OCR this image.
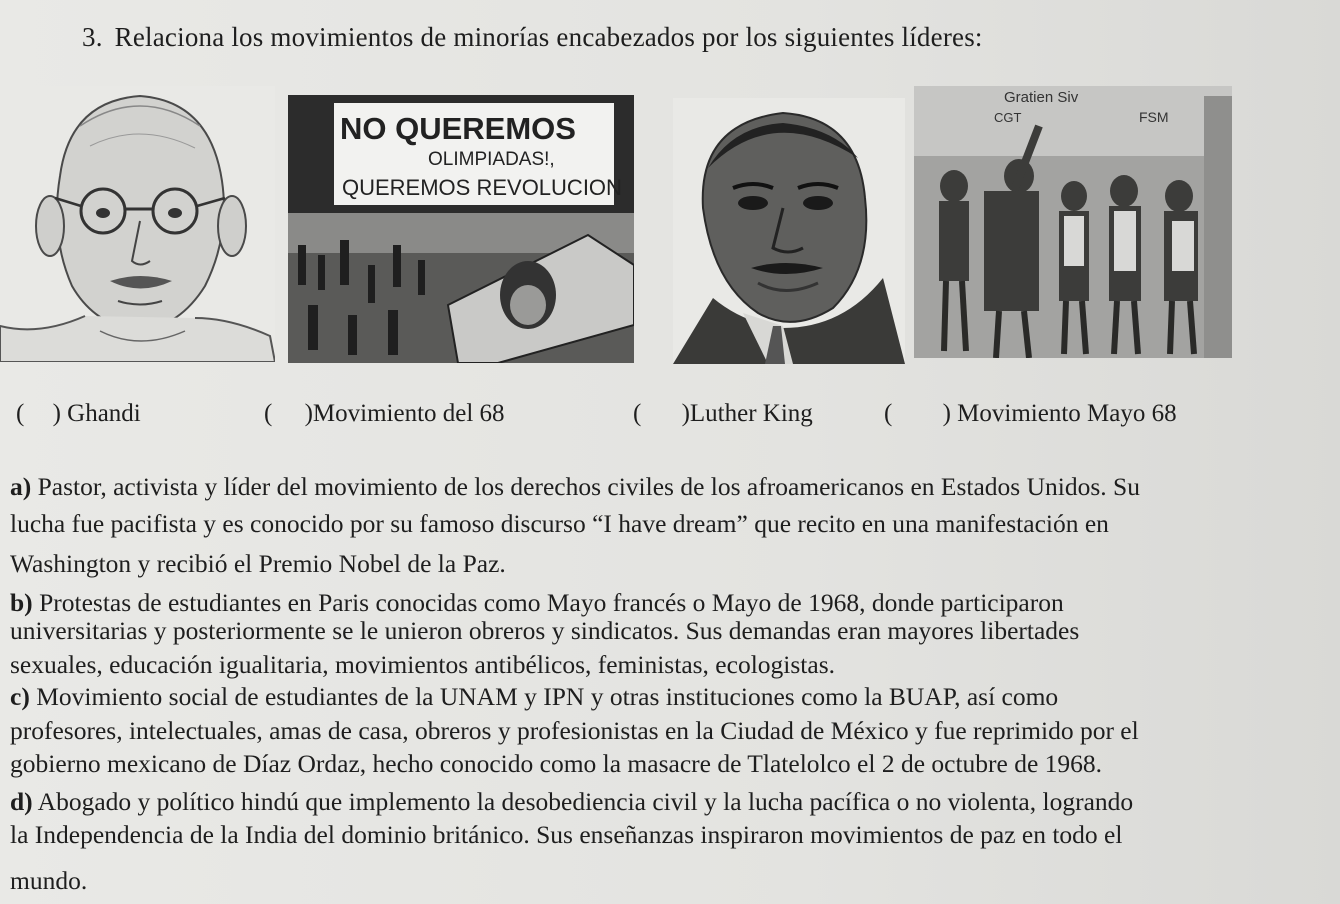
3. Relaciona los movimientos de minorías encabezados por los siguientes líderes:
NO QUEREMOS
OLIMPIADAS!,
QUEREMOS REVOLUCION
Gratien Siv
FSM
CGT
( ) Ghandi	( )Movimiento del 68	( )Luther King	( ) Movimiento Mayo 68
a) Pastor, activista y líder del movimiento de los derechos civiles de los afroamericanos en Estados Unidos. Su
lucha fue pacifista y es conocido por su famoso discurso “I have dream” que recito en una manifestación en
Washington y recibió el Premio Nobel de la Paz.
b) Protestas de estudiantes en Paris conocidas como Mayo francés o Mayo de 1968, donde participaron
universitarias y posteriormente se le unieron obreros y sindicatos. Sus demandas eran mayores libertades
sexuales, educación igualitaria, movimientos antibélicos, feministas, ecologistas.
c) Movimiento social de estudiantes de la UNAM y IPN y otras instituciones como la BUAP, así como
profesores, intelectuales, amas de casa, obreros y profesionistas en la Ciudad de México y fue reprimido por el
gobierno mexicano de Díaz Ordaz, hecho conocido como la masacre de Tlatelolco el 2 de octubre de 1968.
d) Abogado y político hindú que implemento la desobediencia civil y la lucha pacífica o no violenta, logrando
la Independencia de la India del dominio británico. Sus enseñanzas inspiraron movimientos de paz en todo el
mundo.
